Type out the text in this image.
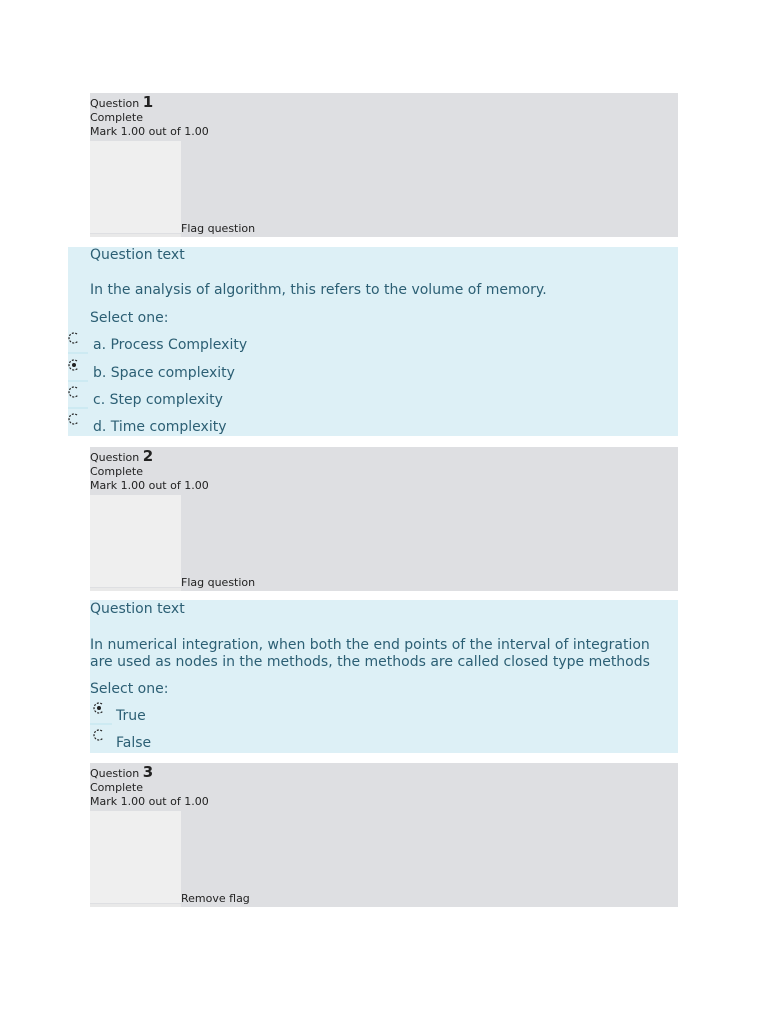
Question 1
Complete
Mark 1.00 out of 1.00
Flag question
Question text
In the analysis of algorithm, this refers to the volume of memory.
Select one:
a. Process Complexity
b. Space complexity
c. Step complexity
d. Time complexity
Question 2
Complete
Mark 1.00 out of 1.00
Flag question
Question text
In numerical integration, when both the end points of the interval of integration
are used as nodes in the methods, the methods are called closed type methods
Select one:
True
False
Question 3
Complete
Mark 1.00 out of 1.00
Remove flag
